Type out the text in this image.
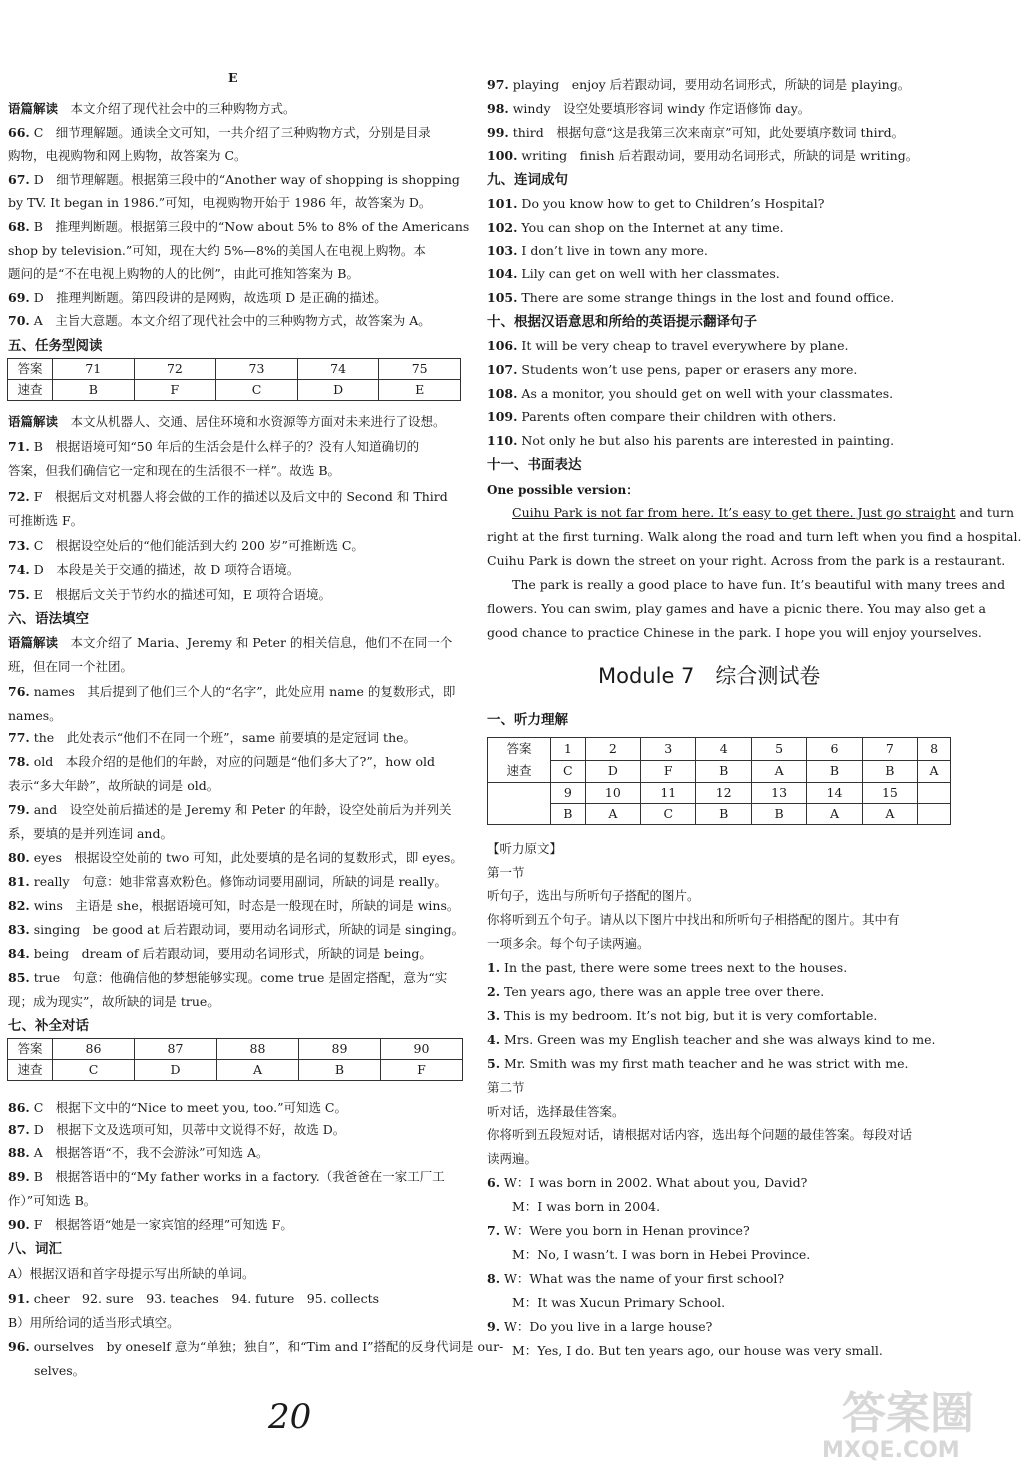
E
语篇解读　本文介绍了现代社会中的三种购物方式。
66. C　细节理解题。通读全文可知，一共介绍了三种购物方式，分别是目录
购物，电视购物和网上购物，故答案为 C。
67. D　细节理解题。根据第三段中的“Another way of shopping is shopping
by TV. It began in 1986.”可知，电视购物开始于 1986 年，故答案为 D。
68. B　推理判断题。根据第三段中的“Now about 5% to 8% of the Americans
shop by television.”可知，现在大约 5%—8%的美国人在电视上购物。本
题问的是“不在电视上购物的人的比例”，由此可推知答案为 B。
69. D　推理判断题。第四段讲的是网购，故选项 D 是正确的描述。
70. A　主旨大意题。本文介绍了现代社会中的三种购物方式，故答案为 A。
语篇解读　本文从机器人、交通、居住环境和水资源等方面对未来进行了设想。
71. B　根据语境可知“50 年后的生活会是什么样子的？没有人知道确切的
答案，但我们确信它一定和现在的生活很不一样”。故选 B。
72. F　根据后文对机器人将会做的工作的描述以及后文中的 Second 和 Third
可推断选 F。
73. C　根据设空处后的“他们能活到大约 200 岁”可推断选 C。
74. D　本段是关于交通的描述，故 D 项符合语境。
75. E　根据后文关于节约水的描述可知，E 项符合语境。
语篇解读　本文介绍了 Maria、Jeremy 和 Peter 的相关信息，他们不在同一个
班，但在同一个社团。
76. names　其后提到了他们三个人的“名字”，此处应用 name 的复数形式，即
names。
77. the　此处表示“他们不在同一个班”，same 前要填的是定冠词 the。
78. old　本段介绍的是他们的年龄，对应的问题是“他们多大了?”，how old
表示“多大年龄”，故所缺的词是 old。
79. and　设空处前后描述的是 Jeremy 和 Peter 的年龄，设空处前后为并列关
系，要填的是并列连词 and。
80. eyes　根据设空处前的 two 可知，此处要填的是名词的复数形式，即 eyes。
81. really　句意：她非常喜欢粉色。修饰动词要用副词，所缺的词是 really。
82. wins　主语是 she，根据语境可知，时态是一般现在时，所缺的词是 wins。
83. singing　be good at 后若跟动词，要用动名词形式，所缺的词是 singing。
84. being　dream of 后若跟动词，要用动名词形式，所缺的词是 being。
85. true　句意：他确信他的梦想能够实现。come true 是固定搭配，意为“实
现；成为现实”，故所缺的词是 true。
86. C　根据下文中的“Nice to meet you, too.”可知选 C。
87. D　根据下文及选项可知，贝蒂中文说得不好，故选 D。
88. A　根据答语“不，我不会游泳”可知选 A。
89. B　根据答语中的“My father works in a factory.（我爸爸在一家工厂工
作）”可知选 B。
90. F　根据答语“她是一家宾馆的经理”可知选 F。
A）根据汉语和首字母提示写出所缺的单词。
91. cheer　92. sure　93. teaches　94. future　95. collects
B）用所给词的适当形式填空。
96. ourselves　by oneself 意为“单独；独自”，和“Tim and I”搭配的反身代词是 our-
selves。
五、任务型阅读
六、语法填空
七、补全对话
八、词汇
答案	71	72	73	74	75
速查	B	F	C	D	E
答案	86	87	88	89	90
速查	C	D	A	B	F
97. playing　enjoy 后若跟动词，要用动名词形式，所缺的词是 playing。
98. windy　设空处要填形容词 windy 作定语修饰 day。
99. third　根据句意“这是我第三次来南京”可知，此处要填序数词 third。
100. writing　finish 后若跟动词，要用动名词形式，所缺的词是 writing。
101. Do you know how to get to Children’s Hospital?
102. You can shop on the Internet at any time.
103. I don’t live in town any more.
104. Lily can get on well with her classmates.
105. There are some strange things in the lost and found office.
106. It will be very cheap to travel everywhere by plane.
107. Students won’t use pens, paper or erasers any more.
108. As a monitor, you should get on well with your classmates.
109. Parents often compare their children with others.
110. Not only he but also his parents are interested in painting.
九、连词成句
十、根据汉语意思和所给的英语提示翻译句子
十一、书面表达
One possible version：
Cuihu Park is not far from here. It’s easy to get there. Just go straight and turn
right at the first turning. Walk along the road and turn left when you find a hospital.
Cuihu Park is down the street on your right. Across from the park is a restaurant.
The park is really a good place to have fun. It’s beautiful with many trees and
flowers. You can swim, play games and have a picnic there. You may also get a
good chance to practice Chinese in the park. I hope you will enjoy yourselves.
Module 7　综合测试卷
一、听力理解
答案
速查	1	2	3	4	5	6	7	8
	C	D	F	B	A	B	B	A
	9	10	11	12	13	14	15	
	B	A	C	B	B	A	A	
【听力原文】
第一节
听句子，选出与所听句子搭配的图片。
你将听到五个句子。请从以下图片中找出和所听句子相搭配的图片。其中有
一项多余。每个句子读两遍。
1. In the past, there were some trees next to the houses.
2. Ten years ago, there was an apple tree over there.
3. This is my bedroom. It’s not big, but it is very comfortable.
4. Mrs. Green was my English teacher and she was always kind to me.
5. Mr. Smith was my first math teacher and he was strict with me.
第二节
听对话，选择最佳答案。
你将听到五段短对话，请根据对话内容，选出每个问题的最佳答案。每段对话
读两遍。
6. W：I was born in 2002. What about you, David?
　　M：I was born in 2004.
7. W：Were you born in Henan province?
　　M：No, I wasn’t. I was born in Hebei Province.
8. W：What was the name of your first school?
　　M：It was Xucun Primary School.
9. W：Do you live in a large house?
　　M：Yes, I do. But ten years ago, our house was very small.
20	答案圈
MXQE.COM
